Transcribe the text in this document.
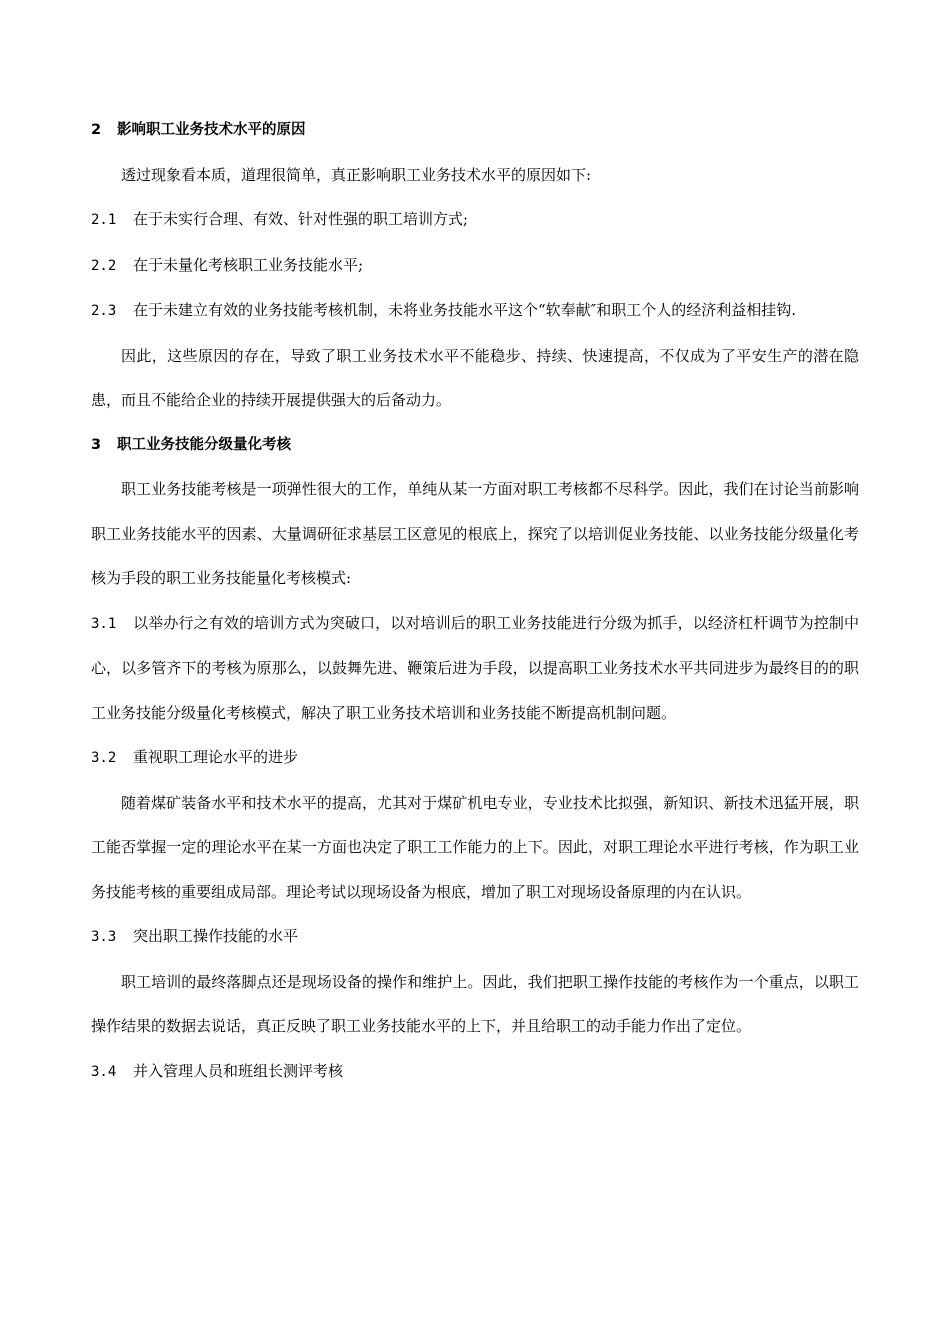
2 影响职工业务技术水平的原因

透过现象看本质，道理很简单，真正影响职工业务技术水平的原因如下:

2.1 在于未实行合理、有效、针对性强的职工培训方式;

2.2 在于未量化考核职工业务技能水平;

2.3 在于未建立有效的业务技能考核机制，未将业务技能水平这个“软奉献″和职工个人的经济利益相挂钩.

因此，这些原因的存在，导致了职工业务技术水平不能稳步、持续、快速提高，不仅成为了平安生产的潜在隐患，而且不能给企业的持续开展提供强大的后备动力。

3 职工业务技能分级量化考核

职工业务技能考核是一项弹性很大的工作，单纯从某一方面对职工考核都不尽科学。因此，我们在讨论当前影响职工业务技能水平的因素、大量调研征求基层工区意见的根底上，探究了以培训促业务技能、以业务技能分级量化考核为手段的职工业务技能量化考核模式:

3.1 以举办行之有效的培训方式为突破口，以对培训后的职工业务技能进行分级为抓手，以经济杠杆调节为控制中心，以多管齐下的考核为原那么，以鼓舞先进、鞭策后进为手段，以提高职工业务技术水平共同进步为最终目的的职工业务技能分级量化考核模式，解决了职工业务技术培训和业务技能不断提高机制问题。

3.2 重视职工理论水平的进步

随着煤矿装备水平和技术水平的提高，尤其对于煤矿机电专业，专业技术比拟强，新知识、新技术迅猛开展，职工能否掌握一定的理论水平在某一方面也决定了职工工作能力的上下。因此，对职工理论水平进行考核，作为职工业务技能考核的重要组成局部。理论考试以现场设备为根底，增加了职工对现场设备原理的内在认识。

3.3 突出职工操作技能的水平

职工培训的最终落脚点还是现场设备的操作和维护上。因此，我们把职工操作技能的考核作为一个重点，以职工操作结果的数据去说话，真正反映了职工业务技能水平的上下，并且给职工的动手能力作出了定位。

3.4 并入管理人员和班组长测评考核
